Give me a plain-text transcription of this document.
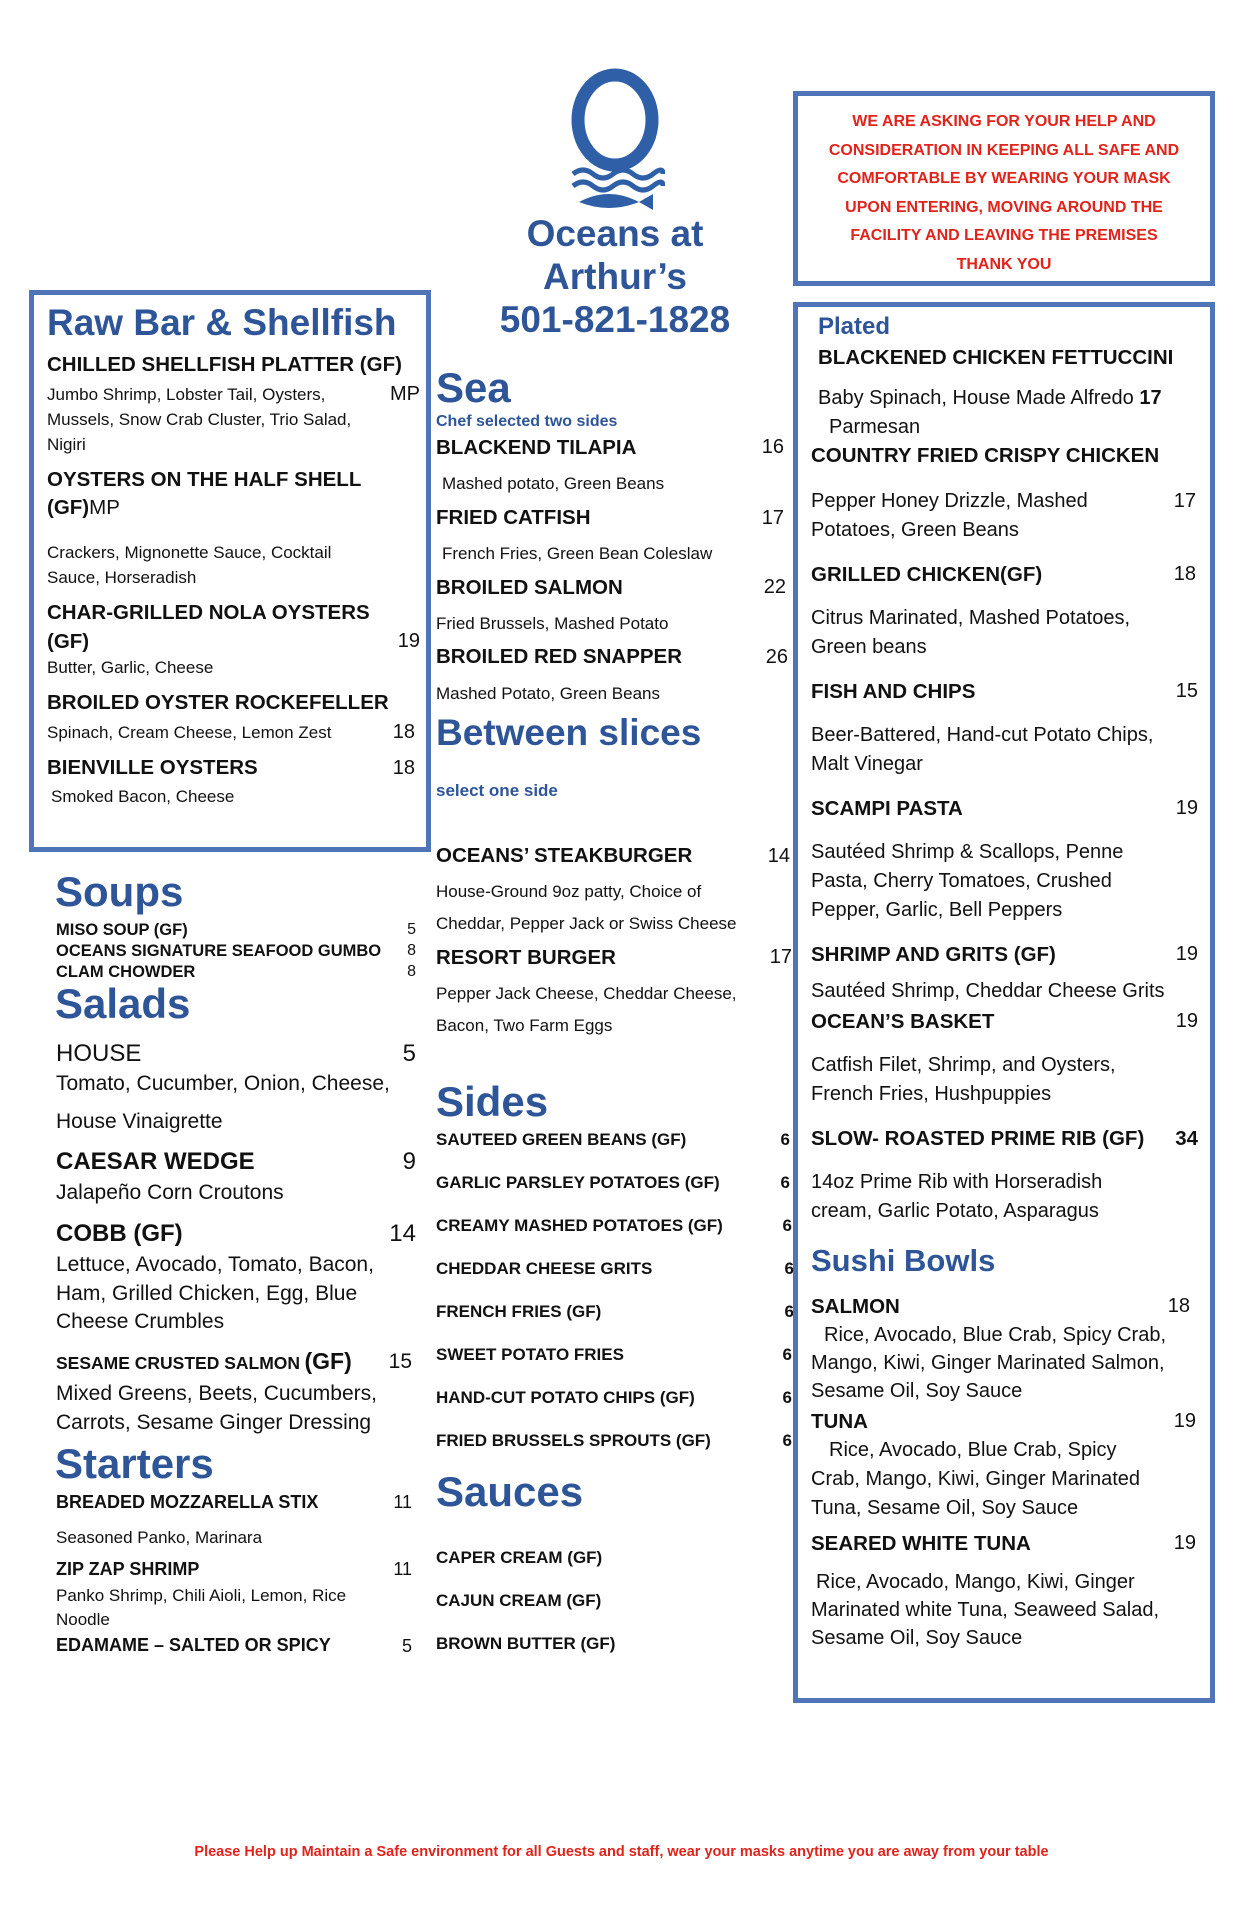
Oceans at
Arthur’s
501-821-1828
WE ARE ASKING FOR YOUR HELP AND
CONSIDERATION IN KEEPING ALL SAFE AND
COMFORTABLE BY WEARING YOUR MASK
UPON ENTERING, MOVING AROUND THE
FACILITY AND LEAVING THE PREMISES
THANK YOU
Raw Bar & Shellfish
CHILLED SHELLFISH PLATTER (GF)
Jumbo Shrimp, Lobster Tail, Oysters,	MP
Mussels, Snow Crab Cluster, Trio Salad,
Nigiri
OYSTERS ON THE HALF SHELL
(GF)MP
Crackers, Mignonette Sauce, Cocktail
Sauce, Horseradish
CHAR-GRILLED NOLA OYSTERS
(GF)	19
Butter, Garlic, Cheese
BROILED OYSTER ROCKEFELLER
Spinach, Cream Cheese, Lemon Zest	18
BIENVILLE OYSTERS	18
Smoked Bacon, Cheese
Soups
MISO SOUP (GF)	5
OCEANS SIGNATURE SEAFOOD GUMBO	8
CLAM CHOWDER	8
Salads
HOUSE	5
Tomato, Cucumber, Onion, Cheese,
House Vinaigrette
CAESAR WEDGE	9
Jalapeño Corn Croutons
COBB (GF)	14
Lettuce, Avocado, Tomato, Bacon,
Ham, Grilled Chicken, Egg, Blue
Cheese Crumbles
SESAME CRUSTED SALMON (GF)	15
Mixed Greens, Beets, Cucumbers,
Carrots, Sesame Ginger Dressing
Starters
BREADED MOZZARELLA STIX	11
Seasoned Panko, Marinara
ZIP ZAP SHRIMP	11
Panko Shrimp, Chili Aioli, Lemon, Rice
Noodle
EDAMAME – SALTED OR SPICY	5
Sea
Chef selected two sides
BLACKEND TILAPIA	16
Mashed potato, Green Beans
FRIED CATFISH	17
French Fries, Green Bean Coleslaw
BROILED SALMON	22
Fried Brussels, Mashed Potato
BROILED RED SNAPPER	26
Mashed Potato, Green Beans
Between slices
select one side
OCEANS’ STEAKBURGER	14
House-Ground 9oz patty, Choice of
Cheddar, Pepper Jack or Swiss Cheese
RESORT BURGER	17
Pepper Jack Cheese, Cheddar Cheese,
Bacon, Two Farm Eggs
Sides
SAUTEED GREEN BEANS (GF)	6
GARLIC PARSLEY POTATOES (GF)	6
CREAMY MASHED POTATOES (GF)	6
CHEDDAR CHEESE GRITS	6
FRENCH FRIES (GF)	6
SWEET POTATO FRIES	6
HAND-CUT POTATO CHIPS (GF)	6
FRIED BRUSSELS SPROUTS (GF)	6
Sauces
CAPER CREAM (GF)
CAJUN CREAM (GF)
BROWN BUTTER (GF)
Plated
BLACKENED CHICKEN FETTUCCINI
Baby Spinach, House Made Alfredo 17
Parmesan
COUNTRY FRIED CRISPY CHICKEN
Pepper Honey Drizzle, Mashed	17
Potatoes, Green Beans
GRILLED CHICKEN(GF)	18
Citrus Marinated, Mashed Potatoes,
Green beans
FISH AND CHIPS	15
Beer-Battered, Hand-cut Potato Chips,
Malt Vinegar
SCAMPI PASTA	19
Sautéed Shrimp & Scallops, Penne
Pasta, Cherry Tomatoes, Crushed
Pepper, Garlic, Bell Peppers
SHRIMP AND GRITS (GF)	19
Sautéed Shrimp, Cheddar Cheese Grits
OCEAN’S BASKET	19
Catfish Filet, Shrimp, and Oysters,
French Fries, Hushpuppies
SLOW- ROASTED PRIME RIB (GF)	34
14oz Prime Rib with Horseradish
cream, Garlic Potato, Asparagus
Sushi Bowls
SALMON	18
Rice, Avocado, Blue Crab, Spicy Crab,
Mango, Kiwi, Ginger Marinated Salmon,
Sesame Oil, Soy Sauce
TUNA	19
Rice, Avocado, Blue Crab, Spicy
Crab, Mango, Kiwi, Ginger Marinated
Tuna, Sesame Oil, Soy Sauce
SEARED WHITE TUNA	19
Rice, Avocado, Mango, Kiwi, Ginger
Marinated white Tuna, Seaweed Salad,
Sesame Oil, Soy Sauce
Please Help up Maintain a Safe environment for all Guests and staff, wear your masks anytime you are away from your table
